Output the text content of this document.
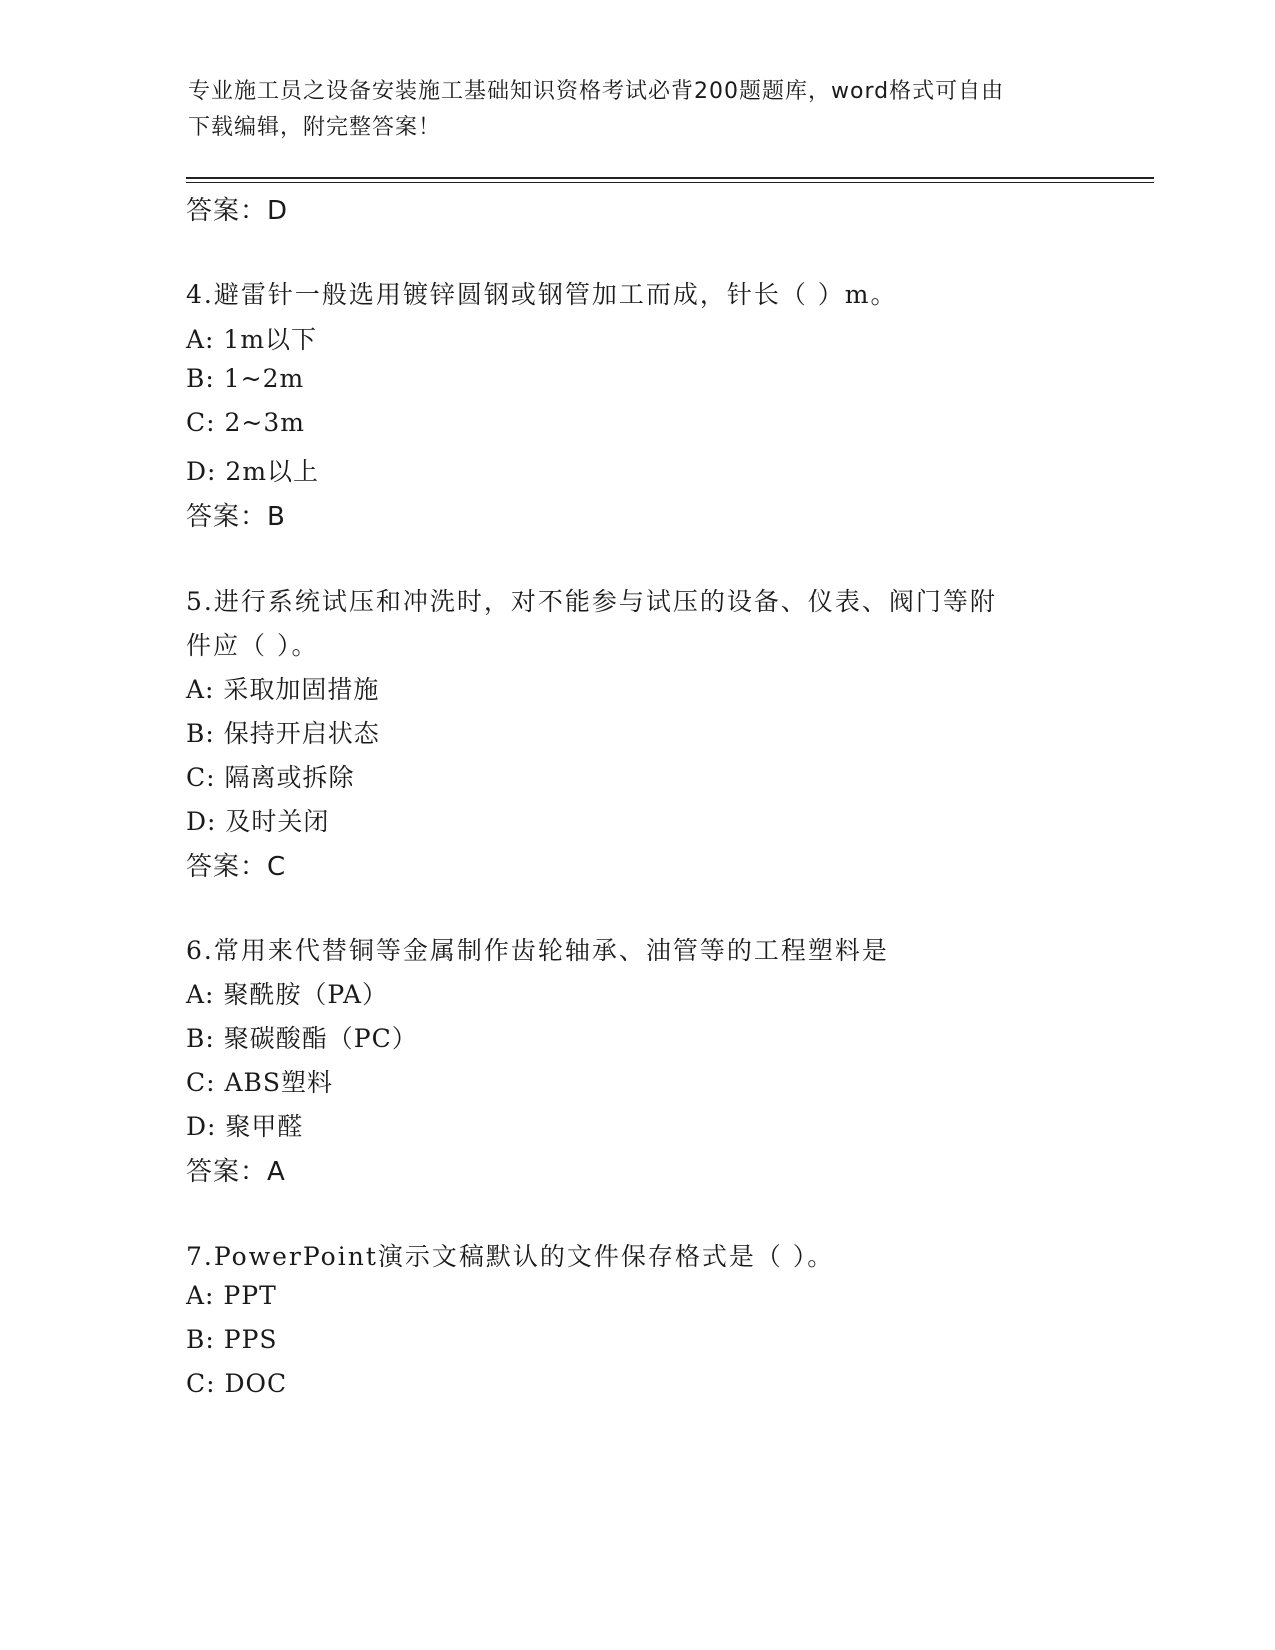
专业施工员之设备安装施工基础知识资格考试必背200题题库，word格式可自由
下载编辑，附完整答案！
答案：D
4.避雷针一般选用镀锌圆钢或钢管加工而成，针长（ ）m。
A: 1m以下
B: 1~2m
C: 2~3m
D: 2m以上
答案：B
5.进行系统试压和冲洗时，对不能参与试压的设备、仪表、阀门等附
件应（ ）。
A: 采取加固措施
B: 保持开启状态
C: 隔离或拆除
D: 及时关闭
答案：C
6.常用来代替铜等金属制作齿轮轴承、油管等的工程塑料是
A: 聚酰胺（PA）
B: 聚碳酸酯（PC）
C: ABS塑料
D: 聚甲醛
答案：A
7.PowerPoint演示文稿默认的文件保存格式是（ ）。
A: PPT
B: PPS
C: DOC
